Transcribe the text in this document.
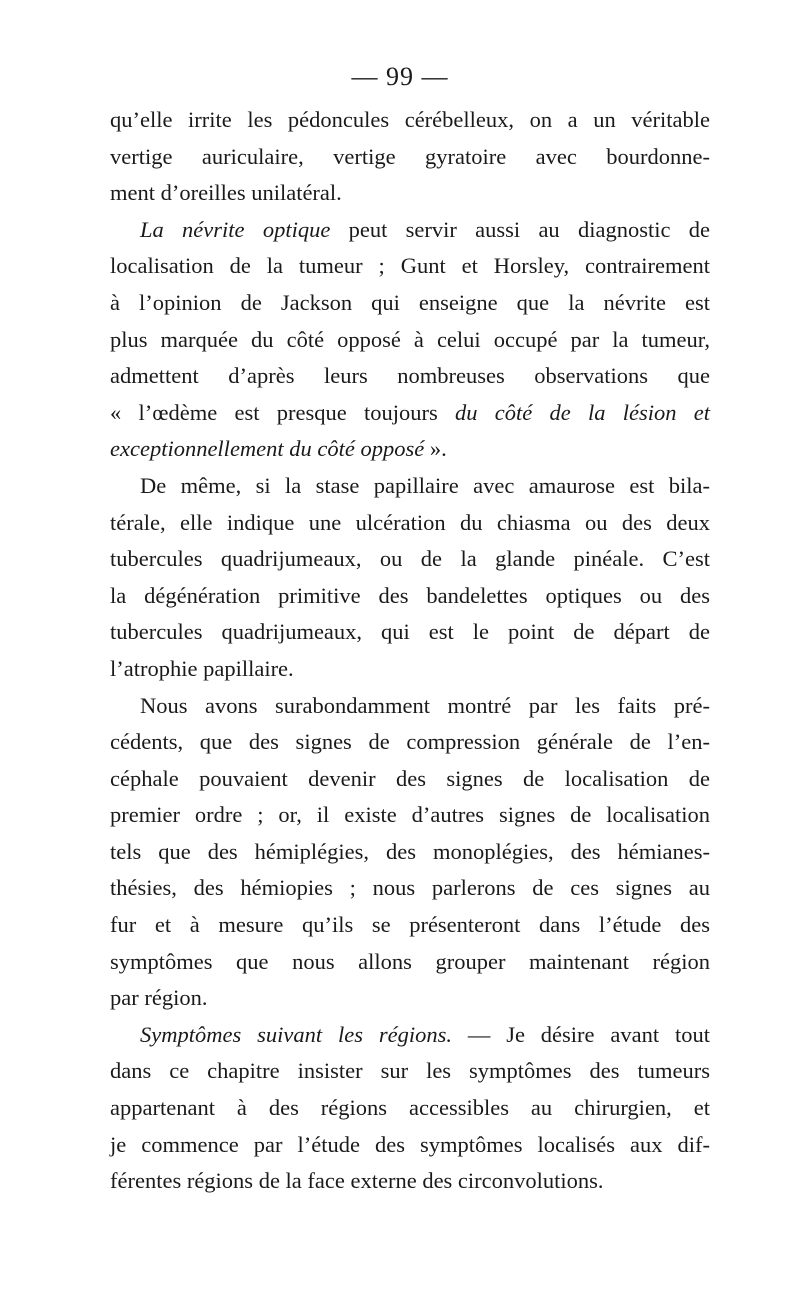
— 99 —
qu’elle irrite les pédoncules cérébelleux, on a un véritable
vertige auriculaire, vertige gyratoire avec bourdonne-
ment d’oreilles unilatéral.
La névrite optique peut servir aussi au diagnostic de
localisation de la tumeur ; Gunt et Horsley, contrairement
à l’opinion de Jackson qui enseigne que la névrite est
plus marquée du côté opposé à celui occupé par la tumeur,
admettent d’après leurs nombreuses observations que
« l’œdème est presque toujours du côté de la lésion et
exceptionnellement du côté opposé ».
De même, si la stase papillaire avec amaurose est bila-
térale, elle indique une ulcération du chiasma ou des deux
tubercules quadrijumeaux, ou de la glande pinéale. C’est
la dégénération primitive des bandelettes optiques ou des
tubercules quadrijumeaux, qui est le point de départ de
l’atrophie papillaire.
Nous avons surabondamment montré par les faits pré-
cédents, que des signes de compression générale de l’en-
céphale pouvaient devenir des signes de localisation de
premier ordre ; or, il existe d’autres signes de localisation
tels que des hémiplégies, des monoplégies, des hémianes-
thésies, des hémiopies ; nous parlerons de ces signes au
fur et à mesure qu’ils se présenteront dans l’étude des
symptômes que nous allons grouper maintenant région
par région.
Symptômes suivant les régions. — Je désire avant tout
dans ce chapitre insister sur les symptômes des tumeurs
appartenant à des régions accessibles au chirurgien, et
je commence par l’étude des symptômes localisés aux dif-
férentes régions de la face externe des circonvolutions.
